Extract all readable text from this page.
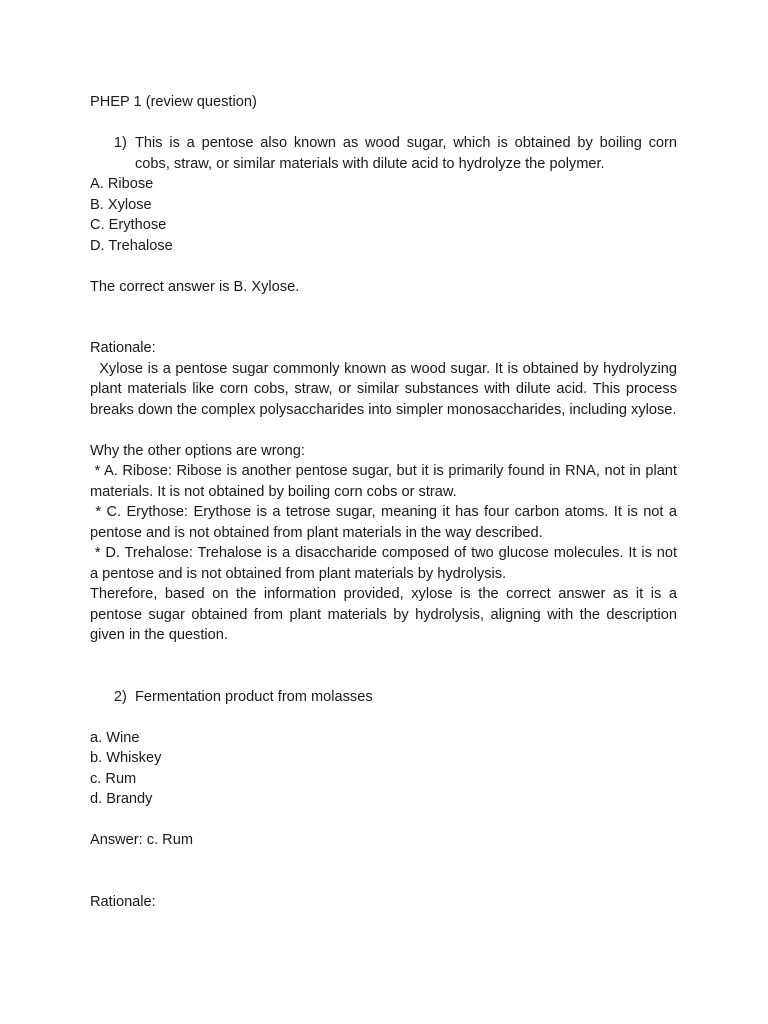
PHEP 1 (review question)

1) This is a pentose also known as wood sugar, which is obtained by boiling corn cobs, straw, or similar materials with dilute acid to hydrolyze the polymer.

A. Ribose

B. Xylose

C. Erythose

D. Trehalose

The correct answer is B. Xylose.

Rationale:

Xylose is a pentose sugar commonly known as wood sugar. It is obtained by hydrolyzing plant materials like corn cobs, straw, or similar substances with dilute acid. This process breaks down the complex polysaccharides into simpler monosaccharides, including xylose.

Why the other options are wrong:

* A. Ribose: Ribose is another pentose sugar, but it is primarily found in RNA, not in plant materials. It is not obtained by boiling corn cobs or straw.

* C. Erythose: Erythose is a tetrose sugar, meaning it has four carbon atoms. It is not a pentose and is not obtained from plant materials in the way described.

* D. Trehalose: Trehalose is a disaccharide composed of two glucose molecules. It is not a pentose and is not obtained from plant materials by hydrolysis.

Therefore, based on the information provided, xylose is the correct answer as it is a pentose sugar obtained from plant materials by hydrolysis, aligning with the description given in the question.

2) Fermentation product from molasses

a. Wine

b. Whiskey

c. Rum

d. Brandy

Answer: c. Rum

Rationale:
